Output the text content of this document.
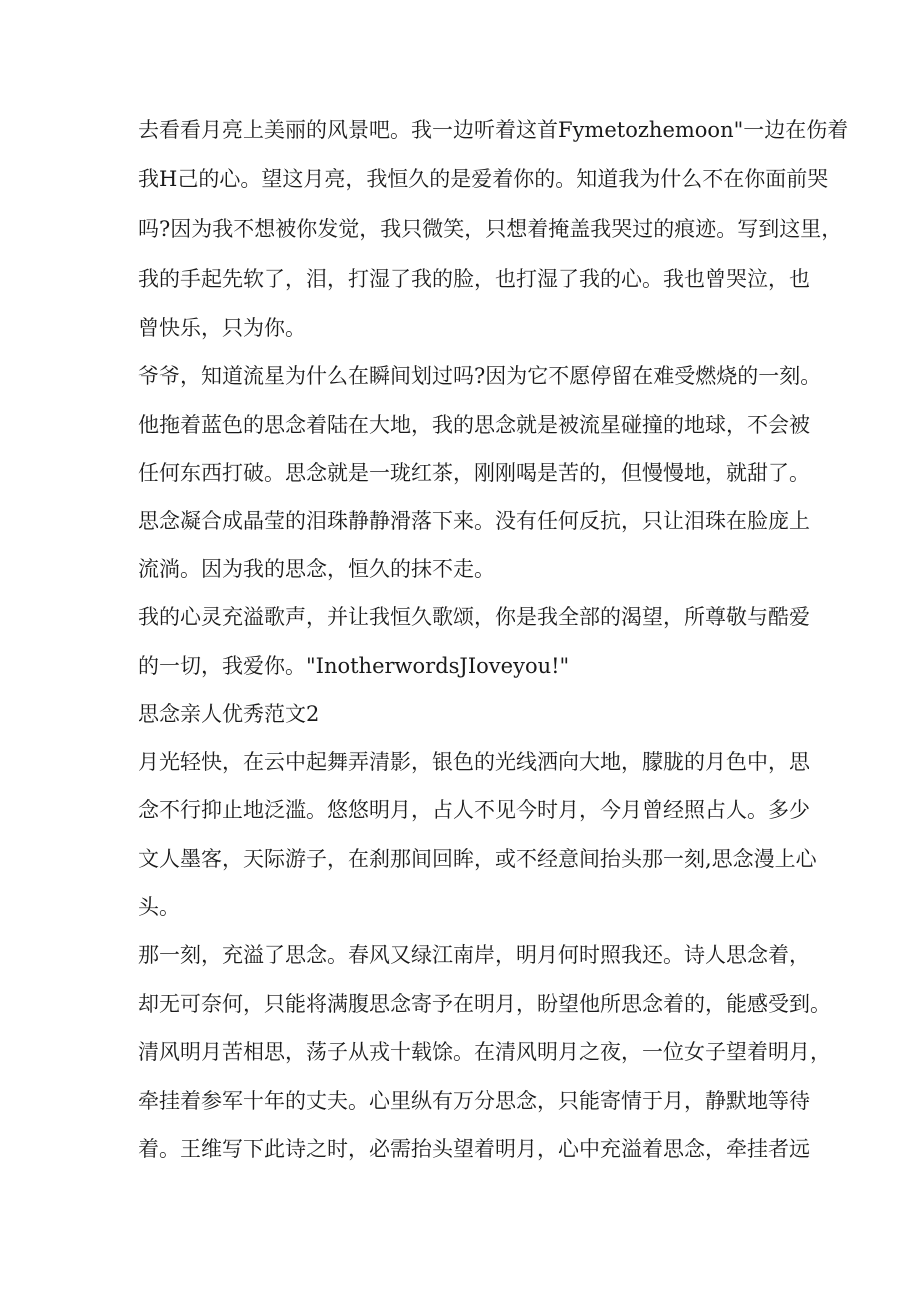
去看看月亮上美丽的风景吧。我一边听着这首Fymetozhemoon"一边在伤着

我H己的心。望这月亮，我恒久的是爱着你的。知道我为什么不在你面前哭

吗?因为我不想被你发觉，我只微笑，只想着掩盖我哭过的痕迹。写到这里，

我的手起先软了，泪，打湿了我的脸，也打湿了我的心。我也曾哭泣，也

曾快乐，只为你。

爷爷，知道流星为什么在瞬间划过吗?因为它不愿停留在难受燃烧的一刻。

他拖着蓝色的思念着陆在大地，我的思念就是被流星碰撞的地球，不会被

任何东西打破。思念就是一珑红茶，刚刚喝是苦的，但慢慢地，就甜了。

思念凝合成晶莹的泪珠静静滑落下来。没有任何反抗，只让泪珠在脸庞上

流淌。因为我的思念，恒久的抹不走。

我的心灵充溢歌声，并让我恒久歌颂，你是我全部的渴望，所尊敬与酷爱

的一切，我爱你。"InotherwordsJIoveyou!"

思念亲人优秀范文2

月光轻快，在云中起舞弄清影，银色的光线洒向大地，朦胧的月色中，思

念不行抑止地泛滥。悠悠明月，占人不见今时月，今月曾经照占人。多少

文人墨客，天际游子，在刹那间回眸，或不经意间抬头那一刻,思念漫上心

头。

那一刻，充溢了思念。春风又绿江南岸，明月何时照我还。诗人思念着，

却无可奈何，只能将满腹思念寄予在明月，盼望他所思念着的，能感受到。

清风明月苦相思，荡子从戎十载馀。在清风明月之夜，一位女子望着明月，

牵挂着参军十年的丈夫。心里纵有万分思念，只能寄情于月，静默地等待

着。王维写下此诗之时，必需抬头望着明月，心中充溢着思念，牵挂者远
